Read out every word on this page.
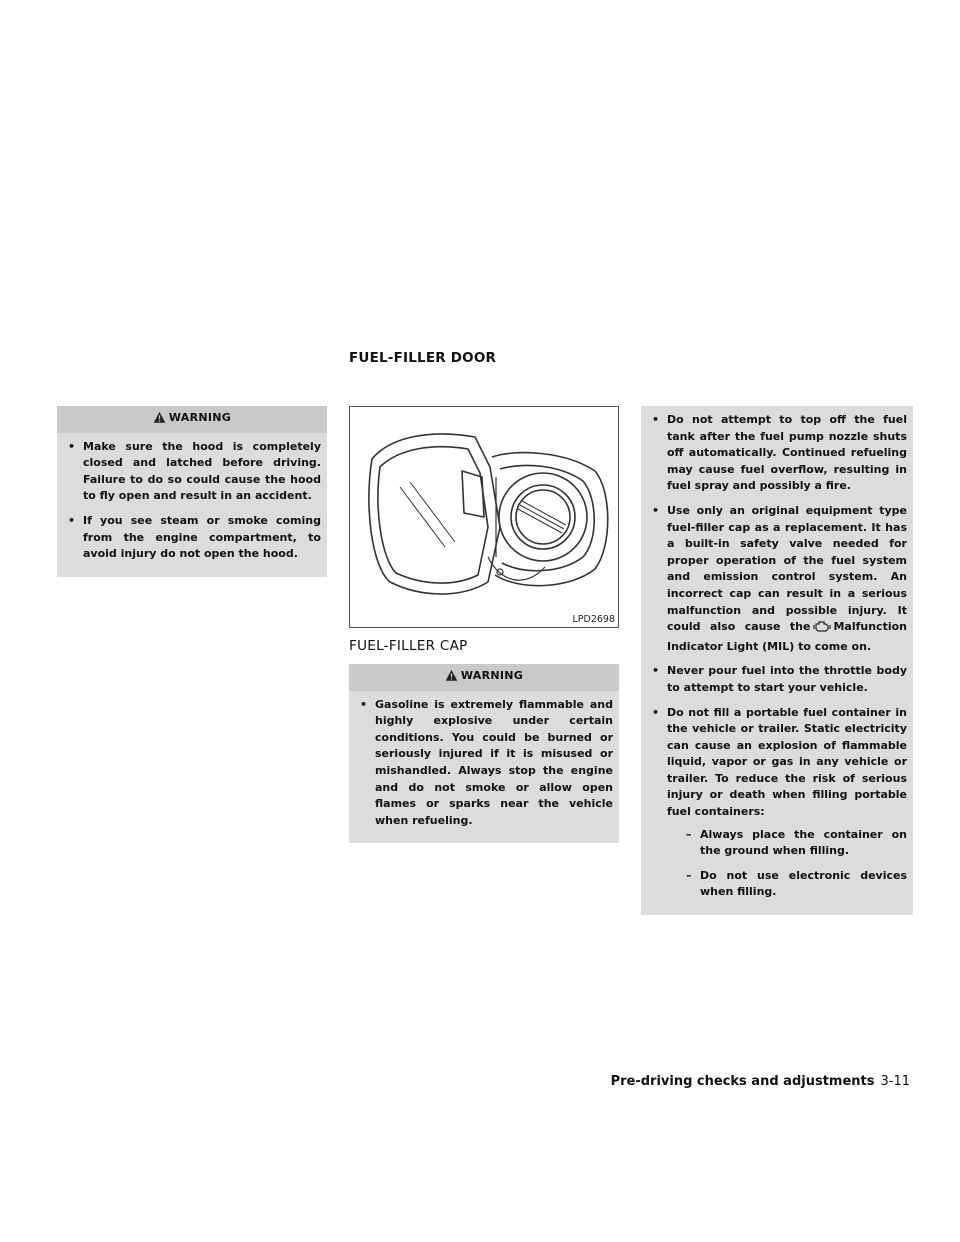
FUEL-FILLER DOOR
WARNING
• Make sure the hood is completely closed and latched before driving. Failure to do so could cause the hood to fly open and result in an accident.
• If you see steam or smoke coming from the engine compartment, to avoid injury do not open the hood.
LPD2698
FUEL-FILLER CAP
WARNING
• Gasoline is extremely flammable and highly explosive under certain conditions. You could be burned or seriously injured if it is misused or mishandled. Always stop the engine and do not smoke or allow open flames or sparks near the vehicle when refueling.
• Do not attempt to top off the fuel tank after the fuel pump nozzle shuts off automatically. Continued refueling may cause fuel overflow, resulting in fuel spray and possibly a fire.
• Use only an original equipment type fuel-filler cap as a replacement. It has a built-in safety valve needed for proper operation of the fuel system and emission control system. An incorrect cap can result in a serious malfunction and possible injury. It could also cause the Malfunction Indicator Light (MIL) to come on.
• Never pour fuel into the throttle body to attempt to start your vehicle.
• Do not fill a portable fuel container in the vehicle or trailer. Static electricity can cause an explosion of flammable liquid, vapor or gas in any vehicle or trailer. To reduce the risk of serious injury or death when filling portable fuel containers:
– Always place the container on the ground when filling.
– Do not use electronic devices when filling.
Pre-driving checks and adjustments 3-11
